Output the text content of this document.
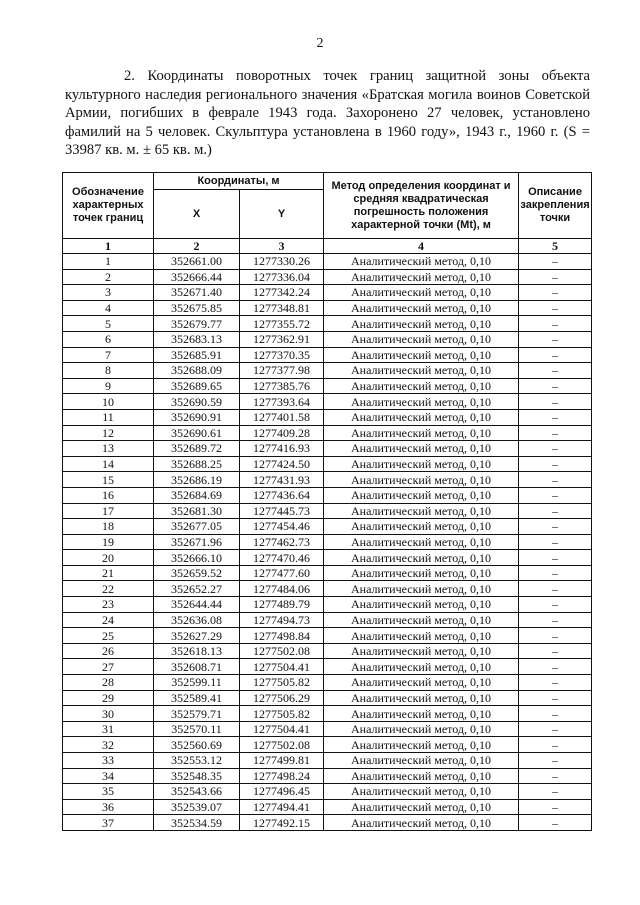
2

2. Координаты поворотных точек границ защитной зоны объекта культурного наследия регионального значения «Братская могила воинов Советской Армии, погибших в феврале 1943 года. Захоронено 27 человек, установлено фамилий на 5 человек. Скульптура установлена в 1960 году», 1943 г., 1960 г. (S = 33987 кв. м. ± 65 кв. м.)

Обозначение характерных точек границ	Координаты, м		Метод определения координат и средняя квадратическая погрешность положения характерной точки (Мt), м	Описание закрепления точки
	X	Y		
1	2	3	4	5
1	352661.00	1277330.26	Аналитический метод, 0,10	–
2	352666.44	1277336.04	Аналитический метод, 0,10	–
3	352671.40	1277342.24	Аналитический метод, 0,10	–
4	352675.85	1277348.81	Аналитический метод, 0,10	–
5	352679.77	1277355.72	Аналитический метод, 0,10	–
6	352683.13	1277362.91	Аналитический метод, 0,10	–
7	352685.91	1277370.35	Аналитический метод, 0,10	–
8	352688.09	1277377.98	Аналитический метод, 0,10	–
9	352689.65	1277385.76	Аналитический метод, 0,10	–
10	352690.59	1277393.64	Аналитический метод, 0,10	–
11	352690.91	1277401.58	Аналитический метод, 0,10	–
12	352690.61	1277409.28	Аналитический метод, 0,10	–
13	352689.72	1277416.93	Аналитический метод, 0,10	–
14	352688.25	1277424.50	Аналитический метод, 0,10	–
15	352686.19	1277431.93	Аналитический метод, 0,10	–
16	352684.69	1277436.64	Аналитический метод, 0,10	–
17	352681.30	1277445.73	Аналитический метод, 0,10	–
18	352677.05	1277454.46	Аналитический метод, 0,10	–
19	352671.96	1277462.73	Аналитический метод, 0,10	–
20	352666.10	1277470.46	Аналитический метод, 0,10	–
21	352659.52	1277477.60	Аналитический метод, 0,10	–
22	352652.27	1277484.06	Аналитический метод, 0,10	–
23	352644.44	1277489.79	Аналитический метод, 0,10	–
24	352636.08	1277494.73	Аналитический метод, 0,10	–
25	352627.29	1277498.84	Аналитический метод, 0,10	–
26	352618.13	1277502.08	Аналитический метод, 0,10	–
27	352608.71	1277504.41	Аналитический метод, 0,10	–
28	352599.11	1277505.82	Аналитический метод, 0,10	–
29	352589.41	1277506.29	Аналитический метод, 0,10	–
30	352579.71	1277505.82	Аналитический метод, 0,10	–
31	352570.11	1277504.41	Аналитический метод, 0,10	–
32	352560.69	1277502.08	Аналитический метод, 0,10	–
33	352553.12	1277499.81	Аналитический метод, 0,10	–
34	352548.35	1277498.24	Аналитический метод, 0,10	–
35	352543.66	1277496.45	Аналитический метод, 0,10	–
36	352539.07	1277494.41	Аналитический метод, 0,10	–
37	352534.59	1277492.15	Аналитический метод, 0,10	–
